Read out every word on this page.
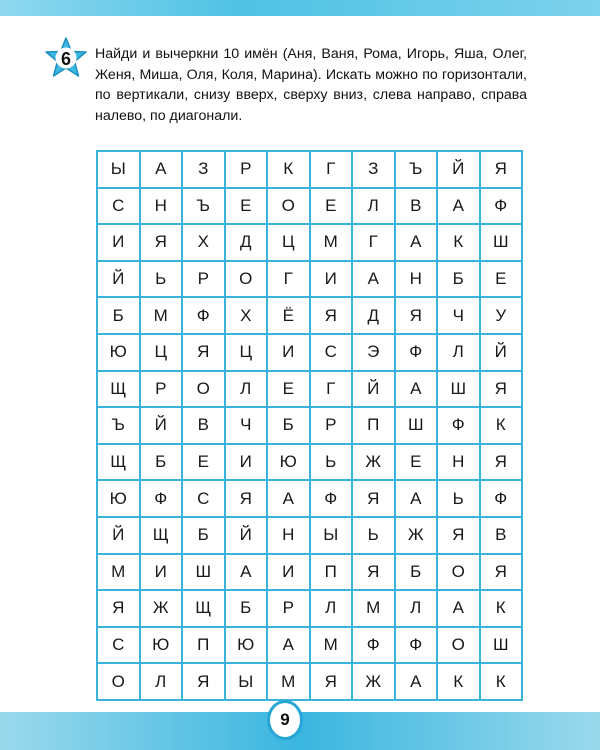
6	Найди и вычеркни 10 имён (Аня, Ваня, Рома, Игорь, Яша, Олег, Женя, Миша, Оля, Коля, Марина). Искать можно по горизонтали, по вертикали, снизу вверх, сверху вниз, слева направо, справа налево, по диагонали.
Ы	А	З	Р	К	Г	З	Ъ	Й	Я
С	Н	Ъ	Е	О	Е	Л	В	А	Ф
И	Я	Х	Д	Ц	М	Г	А	К	Ш
Й	Ь	Р	О	Г	И	А	Н	Б	Е
Б	М	Ф	Х	Ё	Я	Д	Я	Ч	У
Ю	Ц	Я	Ц	И	С	Э	Ф	Л	Й
Щ	Р	О	Л	Е	Г	Й	А	Ш	Я
Ъ	Й	В	Ч	Б	Р	П	Ш	Ф	К
Щ	Б	Е	И	Ю	Ь	Ж	Е	Н	Я
Ю	Ф	С	Я	А	Ф	Я	А	Ь	Ф
Й	Щ	Б	Й	Н	Ы	Ь	Ж	Я	В
М	И	Ш	А	И	П	Я	Б	О	Я
Я	Ж	Щ	Б	Р	Л	М	Л	А	К
С	Ю	П	Ю	А	М	Ф	Ф	О	Ш
О	Л	Я	Ы	М	Я	Ж	А	К	К
9
